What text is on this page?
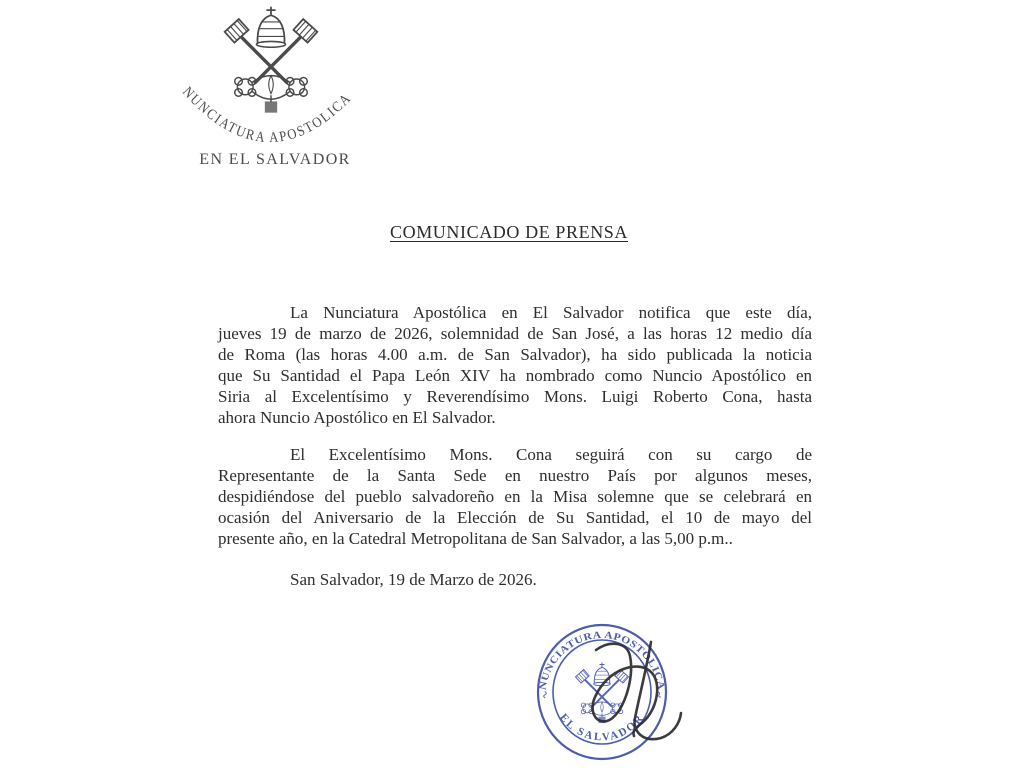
NUNCIATURA APOSTOLICA
EN EL SALVADOR
COMUNICADO DE PRENSA
La Nunciatura Apostólica en El Salvador notifica que este día,
jueves 19 de marzo de 2026, solemnidad de San José, a las horas 12 medio día
de Roma (las horas 4.00 a.m. de San Salvador), ha sido publicada la noticia
que Su Santidad el Papa León XIV ha nombrado como Nuncio Apostólico en
Siria al Excelentísimo y Reverendísimo Mons. Luigi Roberto Cona, hasta
ahora Nuncio Apostólico en El Salvador.
El Excelentísimo Mons. Cona seguirá con su cargo de
Representante de la Santa Sede en nuestro País por algunos meses,
despidiéndose del pueblo salvadoreño en la Misa solemne que se celebrará en
ocasión del Aniversario de la Elección de Su Santidad, el 10 de mayo del
presente año, en la Catedral Metropolitana de San Salvador, a las 5,00 p.m..
San Salvador, 19 de Marzo de 2026.
NUNCIATURA APOSTOLICA
EL SALVADOR
~	~
